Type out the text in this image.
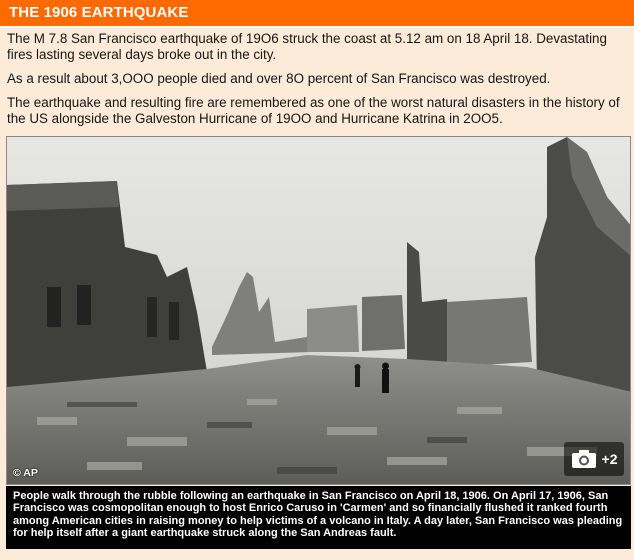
THE 1906 EARTHQUAKE

The M 7.8 San Francisco earthquake of 19O6 struck the coast at 5.12 am on 18 April 18. Devastating fires lasting several days broke out in the city.

As a result about 3,OOO people died and over 8O percent of San Francisco was destroyed.

The earthquake and resulting fire are remembered as one of the worst natural disasters in the history of the US alongside the Galveston Hurricane of 19OO and Hurricane Katrina in 2OO5.

© AP
+2
People walk through the rubble following an earthquake in San Francisco on April 18, 1906. On April 17, 1906, San Francisco was cosmopolitan enough to host Enrico Caruso in 'Carmen' and so financially flushed it ranked fourth among American cities in raising money to help victims of a volcano in Italy. A day later, San Francisco was pleading for help itself after a giant earthquake struck along the San Andreas fault.
